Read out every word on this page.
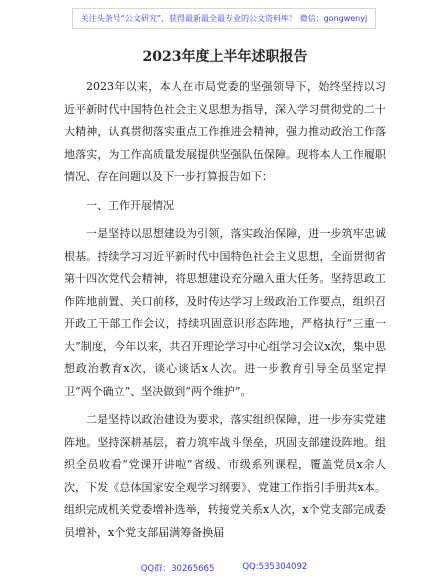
关注头条号“公文研究”，获得最新最全最专业的公文资料库！ 微信：gongwenyj
2023年度上半年述职报告

2023年以来，本人在市局党委的坚强领导下，始终坚持以习近平新时代中国特色社会主义思想为指导，深入学习贯彻党的二十大精神，认真贯彻落实重点工作推进会精神，强力推动政治工作落地落实，为工作高质量发展提供坚强队伍保障。现将本人工作履职情况、存在问题以及下一步打算报告如下：

一、工作开展情况

一是坚持以思想建设为引领，落实政治保障，进一步筑牢忠诚根基。持续学习习近平新时代中国特色社会主义思想，全面贯彻省第十四次党代会精神，将思想建设充分融入重大任务。坚持思政工作阵地前置、关口前移，及时传达学习上级政治工作要点，组织召开政工干部工作会议，持续巩固意识形态阵地，严格执行“三重一大”制度，今年以来，共召开理论学习中心组学习会议x次，集中思想政治教育x次，谈心谈话x人次。进一步教育引导全员坚定捍卫“两个确立”、坚决做到“两个维护”。

二是坚持以政治建设为要求，落实组织保障，进一步夯实党建阵地。坚持深耕基层，着力筑牢战斗堡垒，巩固支部建设阵地。组织全员收看“党课开讲啦”省级、市级系列课程，覆盖党员x余人次，下发《总体国家安全观学习纲要》、党建工作指引手册共x本。组织完成机关党委增补选举，转接党关系x人次，x个党支部完成委员增补，x个党支部届满筹备换届

QQ群：30265665	QQ:535304092
